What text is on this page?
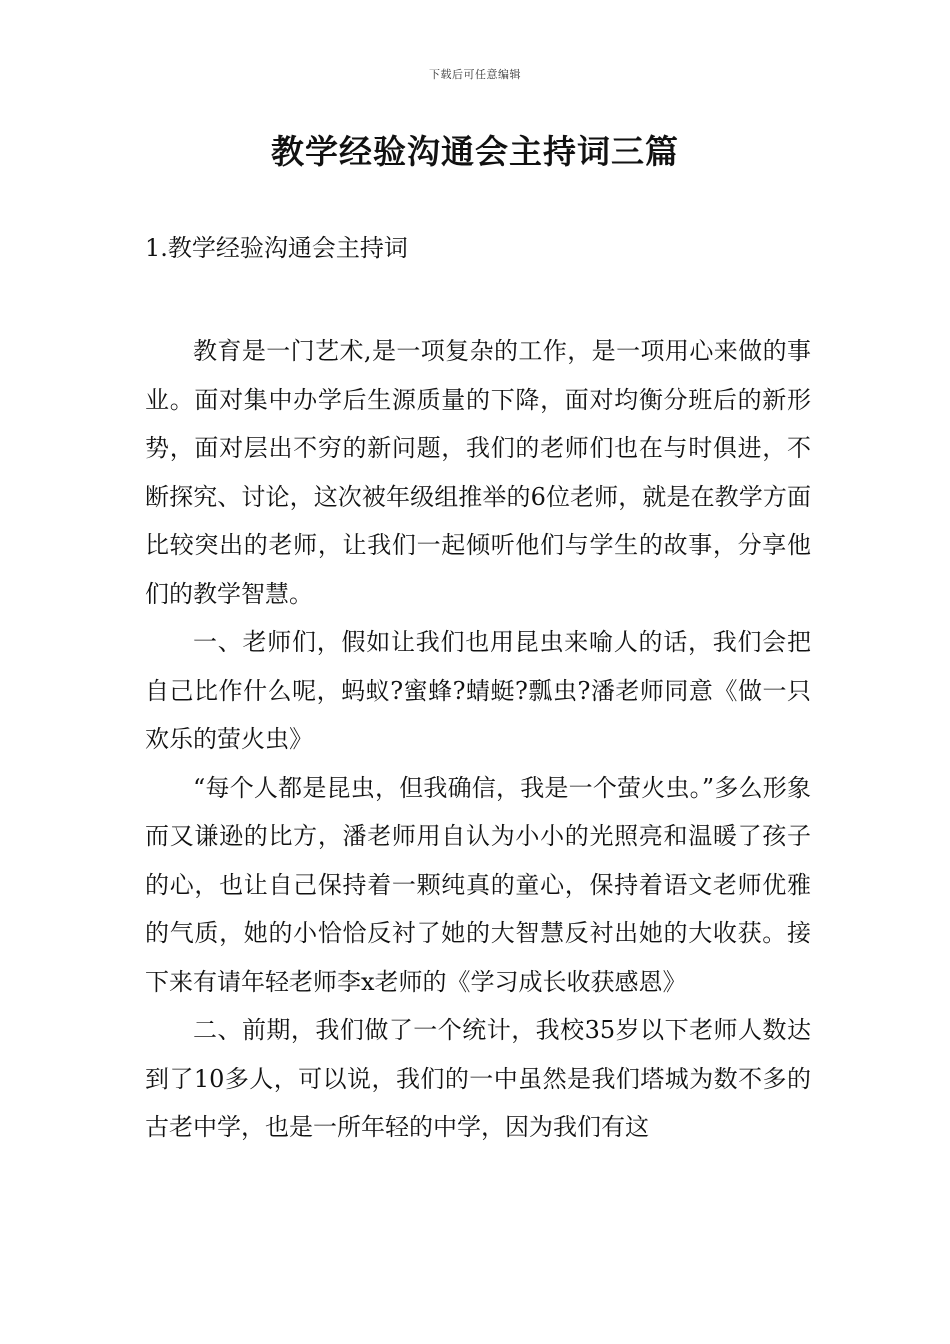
下载后可任意编辑
教学经验沟通会主持词三篇
1.教学经验沟通会主持词

教育是一门艺术,是一项复杂的工作，是一项用心来做的事业。面对集中办学后生源质量的下降，面对均衡分班后的新形势，面对层出不穷的新问题，我们的老师们也在与时俱进，不断探究、讨论，这次被年级组推举的6位老师，就是在教学方面比较突出的老师，让我们一起倾听他们与学生的故事，分享他们的教学智慧。

一、老师们，假如让我们也用昆虫来喻人的话，我们会把自己比作什么呢，蚂蚁?蜜蜂?蜻蜓?瓢虫?潘老师同意《做一只欢乐的萤火虫》

“每个人都是昆虫，但我确信，我是一个萤火虫。”多么形象而又谦逊的比方，潘老师用自认为小小的光照亮和温暖了孩子的心，也让自己保持着一颗纯真的童心，保持着语文老师优雅的气质，她的小恰恰反衬了她的大智慧反衬出她的大收获。接下来有请年轻老师李x老师的《学习成长收获感恩》

二、前期，我们做了一个统计，我校35岁以下老师人数达到了10多人，可以说，我们的一中虽然是我们塔城为数不多的古老中学，也是一所年轻的中学，因为我们有这
